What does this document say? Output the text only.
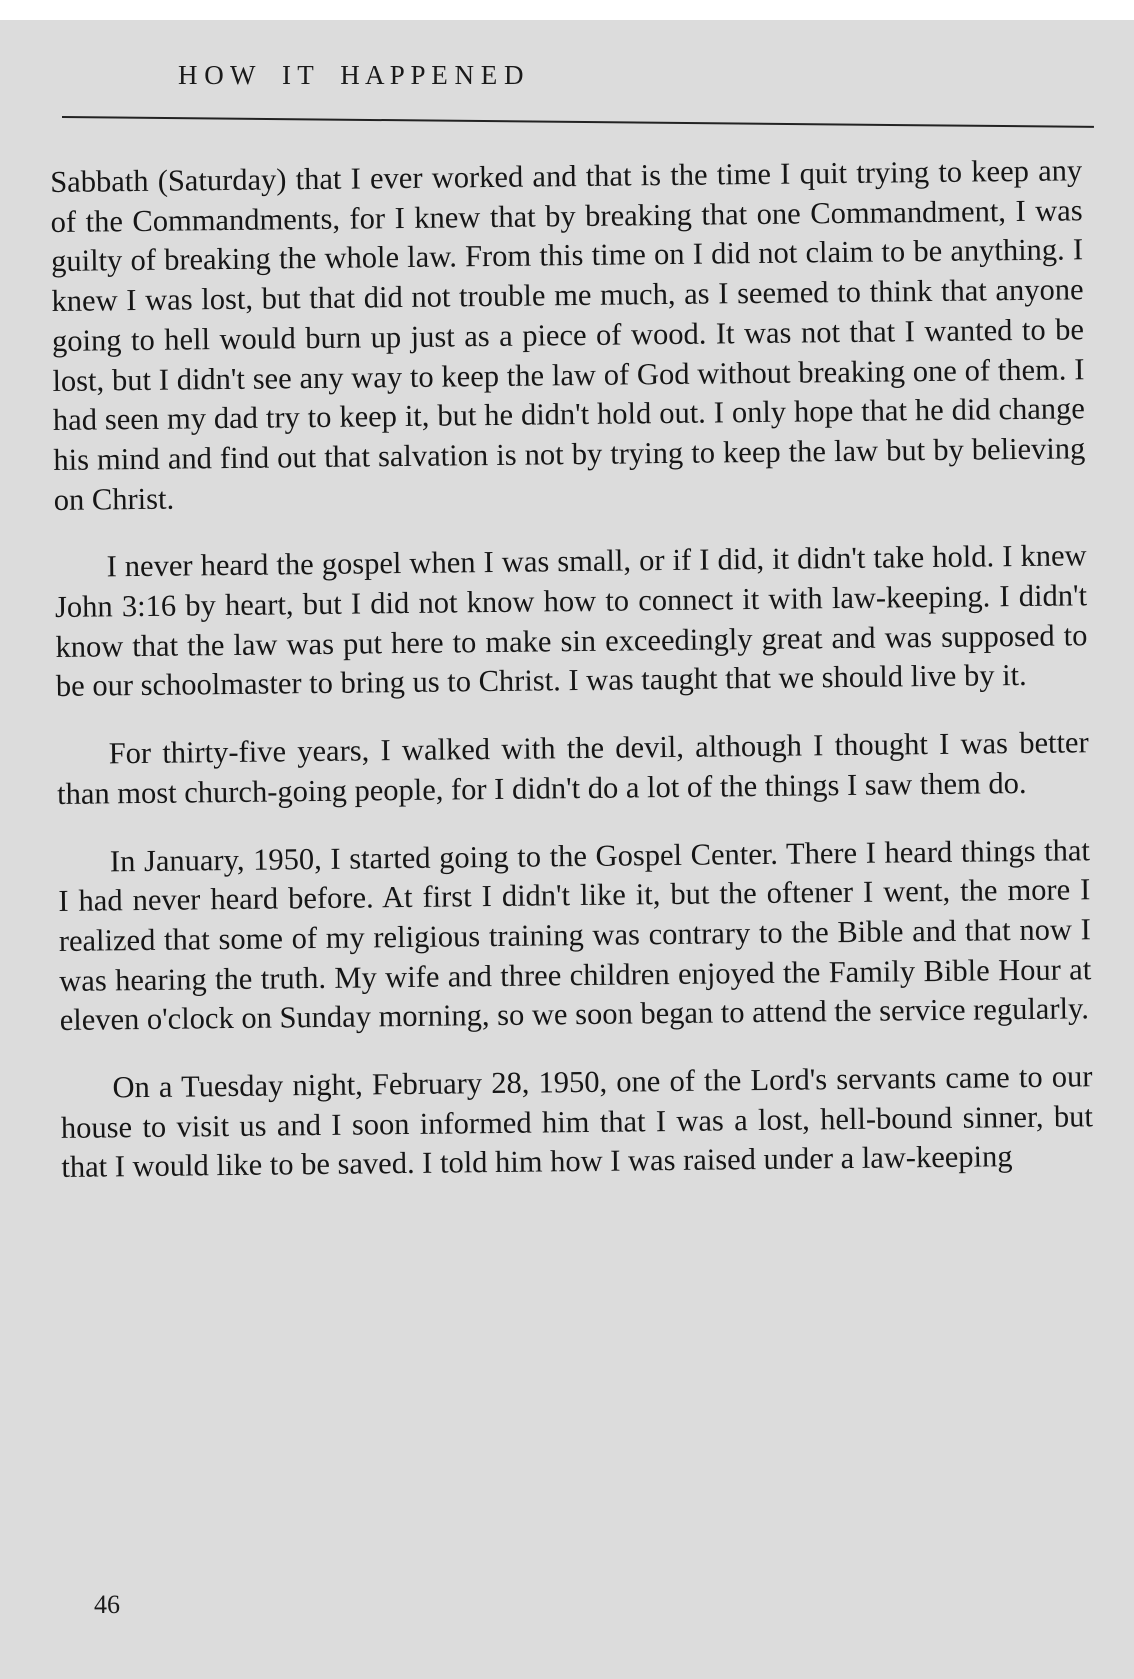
H O W    I T    H A P P E N E D

Sabbath (Saturday) that I ever worked and that is the time I quit trying to keep any of the Commandments, for I knew that by breaking that one Commandment, I was guilty of breaking the whole law. From this time on I did not claim to be anything. I knew I was lost, but that did not trouble me much, as I seemed to think that anyone going to hell would burn up just as a piece of wood. It was not that I wanted to be lost, but I didn't see any way to keep the law of God without breaking one of them. I had seen my dad try to keep it, but he didn't hold out. I only hope that he did change his mind and find out that salvation is not by trying to keep the law but by believing on Christ.

I never heard the gospel when I was small, or if I did, it didn't take hold. I knew John 3:16 by heart, but I did not know how to connect it with law-keeping. I didn't know that the law was put here to make sin exceedingly great and was supposed to be our schoolmaster to bring us to Christ. I was taught that we should live by it.

For thirty-five years, I walked with the devil, although I thought I was better than most church-going people, for I didn't do a lot of the things I saw them do.

In January, 1950, I started going to the Gospel Center. There I heard things that I had never heard before. At first I didn't like it, but the oftener I went, the more I realized that some of my religious training was contrary to the Bible and that now I was hearing the truth. My wife and three children enjoyed the Family Bible Hour at eleven o'clock on Sunday morning, so we soon began to attend the service regularly.

On a Tuesday night, February 28, 1950, one of the Lord's servants came to our house to visit us and I soon informed him that I was a lost, hell-bound sinner, but that I would like to be saved. I told him how I was raised under a law-keeping

46
